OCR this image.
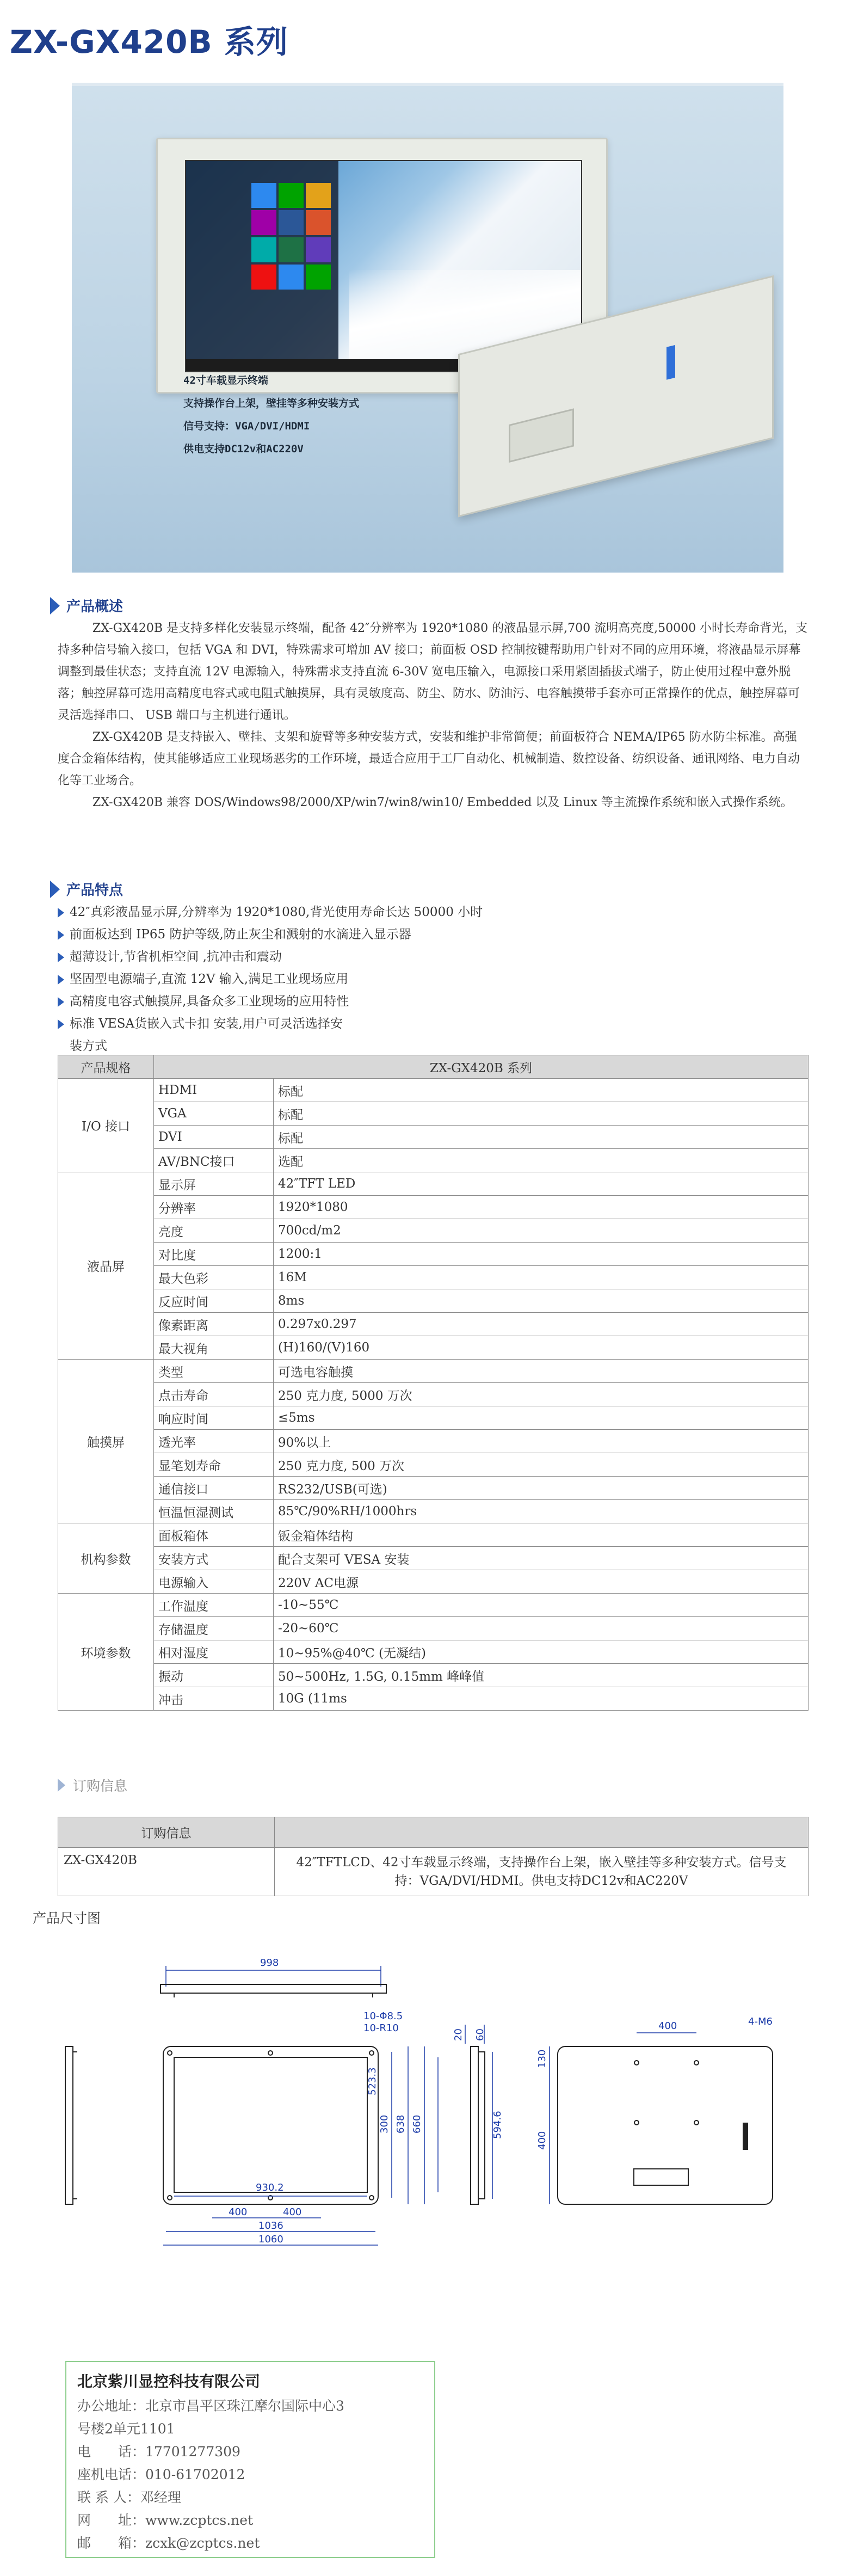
ZX-GX420B 系列
42寸车载显示终端
支持操作台上架，壁挂等多种安装方式
信号支持：VGA/DVI/HDMI
供电支持DC12v和AC220V
产品概述

ZX-GX420B 是支持多样化安装显示终端，配备 42″分辨率为 1920*1080 的液晶显示屏,700 流明高亮度,50000 小时长寿命背光，支持多种信号输入接口，包括 VGA 和 DVI，特殊需求可增加 AV 接口；前面板 OSD 控制按键帮助用户针对不同的应用环境，将液晶显示屏幕调整到最佳状态；支持直流 12V 电源输入，特殊需求支持直流 6-30V 宽电压输入，电源接口采用紧固插拔式端子，防止使用过程中意外脱落；触控屏幕可选用高精度电容式或电阻式触摸屏，具有灵敏度高、防尘、防水、防油污、电容触摸带手套亦可正常操作的优点，触控屏幕可灵活选择串口、 USB 端口与主机进行通讯。

ZX-GX420B 是支持嵌入、壁挂、支架和旋臂等多种安装方式，安装和维护非常简便；前面板符合 NEMA/IP65 防水防尘标准。高强度合金箱体结构，使其能够适应工业现场恶劣的工作环境，最适合应用于工厂自动化、机械制造、数控设备、纺织设备、通讯网络、电力自动化等工业场合。

ZX-GX420B 兼容 DOS/Windows98/2000/XP/win7/win8/win10/ Embedded 以及 Linux 等主流操作系统和嵌入式操作系统。

产品特点
42″真彩液晶显示屏,分辨率为 1920*1080,背光使用寿命长达 50000 小时
前面板达到 IP65 防护等级,防止灰尘和溅射的水滴进入显示器
超薄设计,节省机柜空间 ,抗冲击和震动
坚固型电源端子,直流 12V 输入,满足工业现场应用
高精度电容式触摸屏,具备众多工业现场的应用特性
标准 VESA货嵌入式卡扣 安装,用户可灵活选择安
装方式
产品规格	ZX-GX420B 系列	
I/O 接口	HDMI	标配
	VGA	标配
	DVI	标配
	AV/BNC接口	选配
液晶屏	显示屏	42″TFT LED
	分辨率	1920*1080
	亮度	700cd/m2
	对比度	1200:1
	最大色彩	16M
	反应时间	8ms
	像素距离	0.297x0.297
	最大视角	(H)160/(V)160
触摸屏	类型	可选电容触摸
	点击寿命	250 克力度, 5000 万次
	响应时间	≤5ms
	透光率	90%以上
	显笔划寿命	250 克力度, 500 万次
	通信接口	RS232/USB(可选)
	恒温恒湿测试	85℃/90%RH/1000hrs
机构参数	面板箱体	钣金箱体结构
	安装方式	配合支架可 VESA 安装
	电源输入	220V AC电源
环境参数	工作温度	-10~55℃
	存储温度	-20~60℃
	相对湿度	10~95%@40℃ (无凝结)
	振动	50~500Hz, 1.5G, 0.15mm 峰峰值
	冲击	10G (11ms
订购信息
订购信息	
ZX-GX420B	42″TFTLCD、42寸车载显示终端，支持操作台上架，嵌入壁挂等多种安装方式。信号支持：VGA/DVI/HDMI。供电支持DC12v和AC220V
产品尺寸图
998
10-Φ8.5
10-R10
930.2
400	400
1036
1060
300 638 660
523.3
20 60
594.6
400	4-M6
130
400
北京紫川显控科技有限公司
办公地址：北京市昌平区珠江摩尔国际中心3
号楼2单元1101
电　　话：17701277309
座机电话：010-61702012
联 系 人：邓经理
网　　址：www.zcptcs.net
邮　　箱：zcxk@zcptcs.net
